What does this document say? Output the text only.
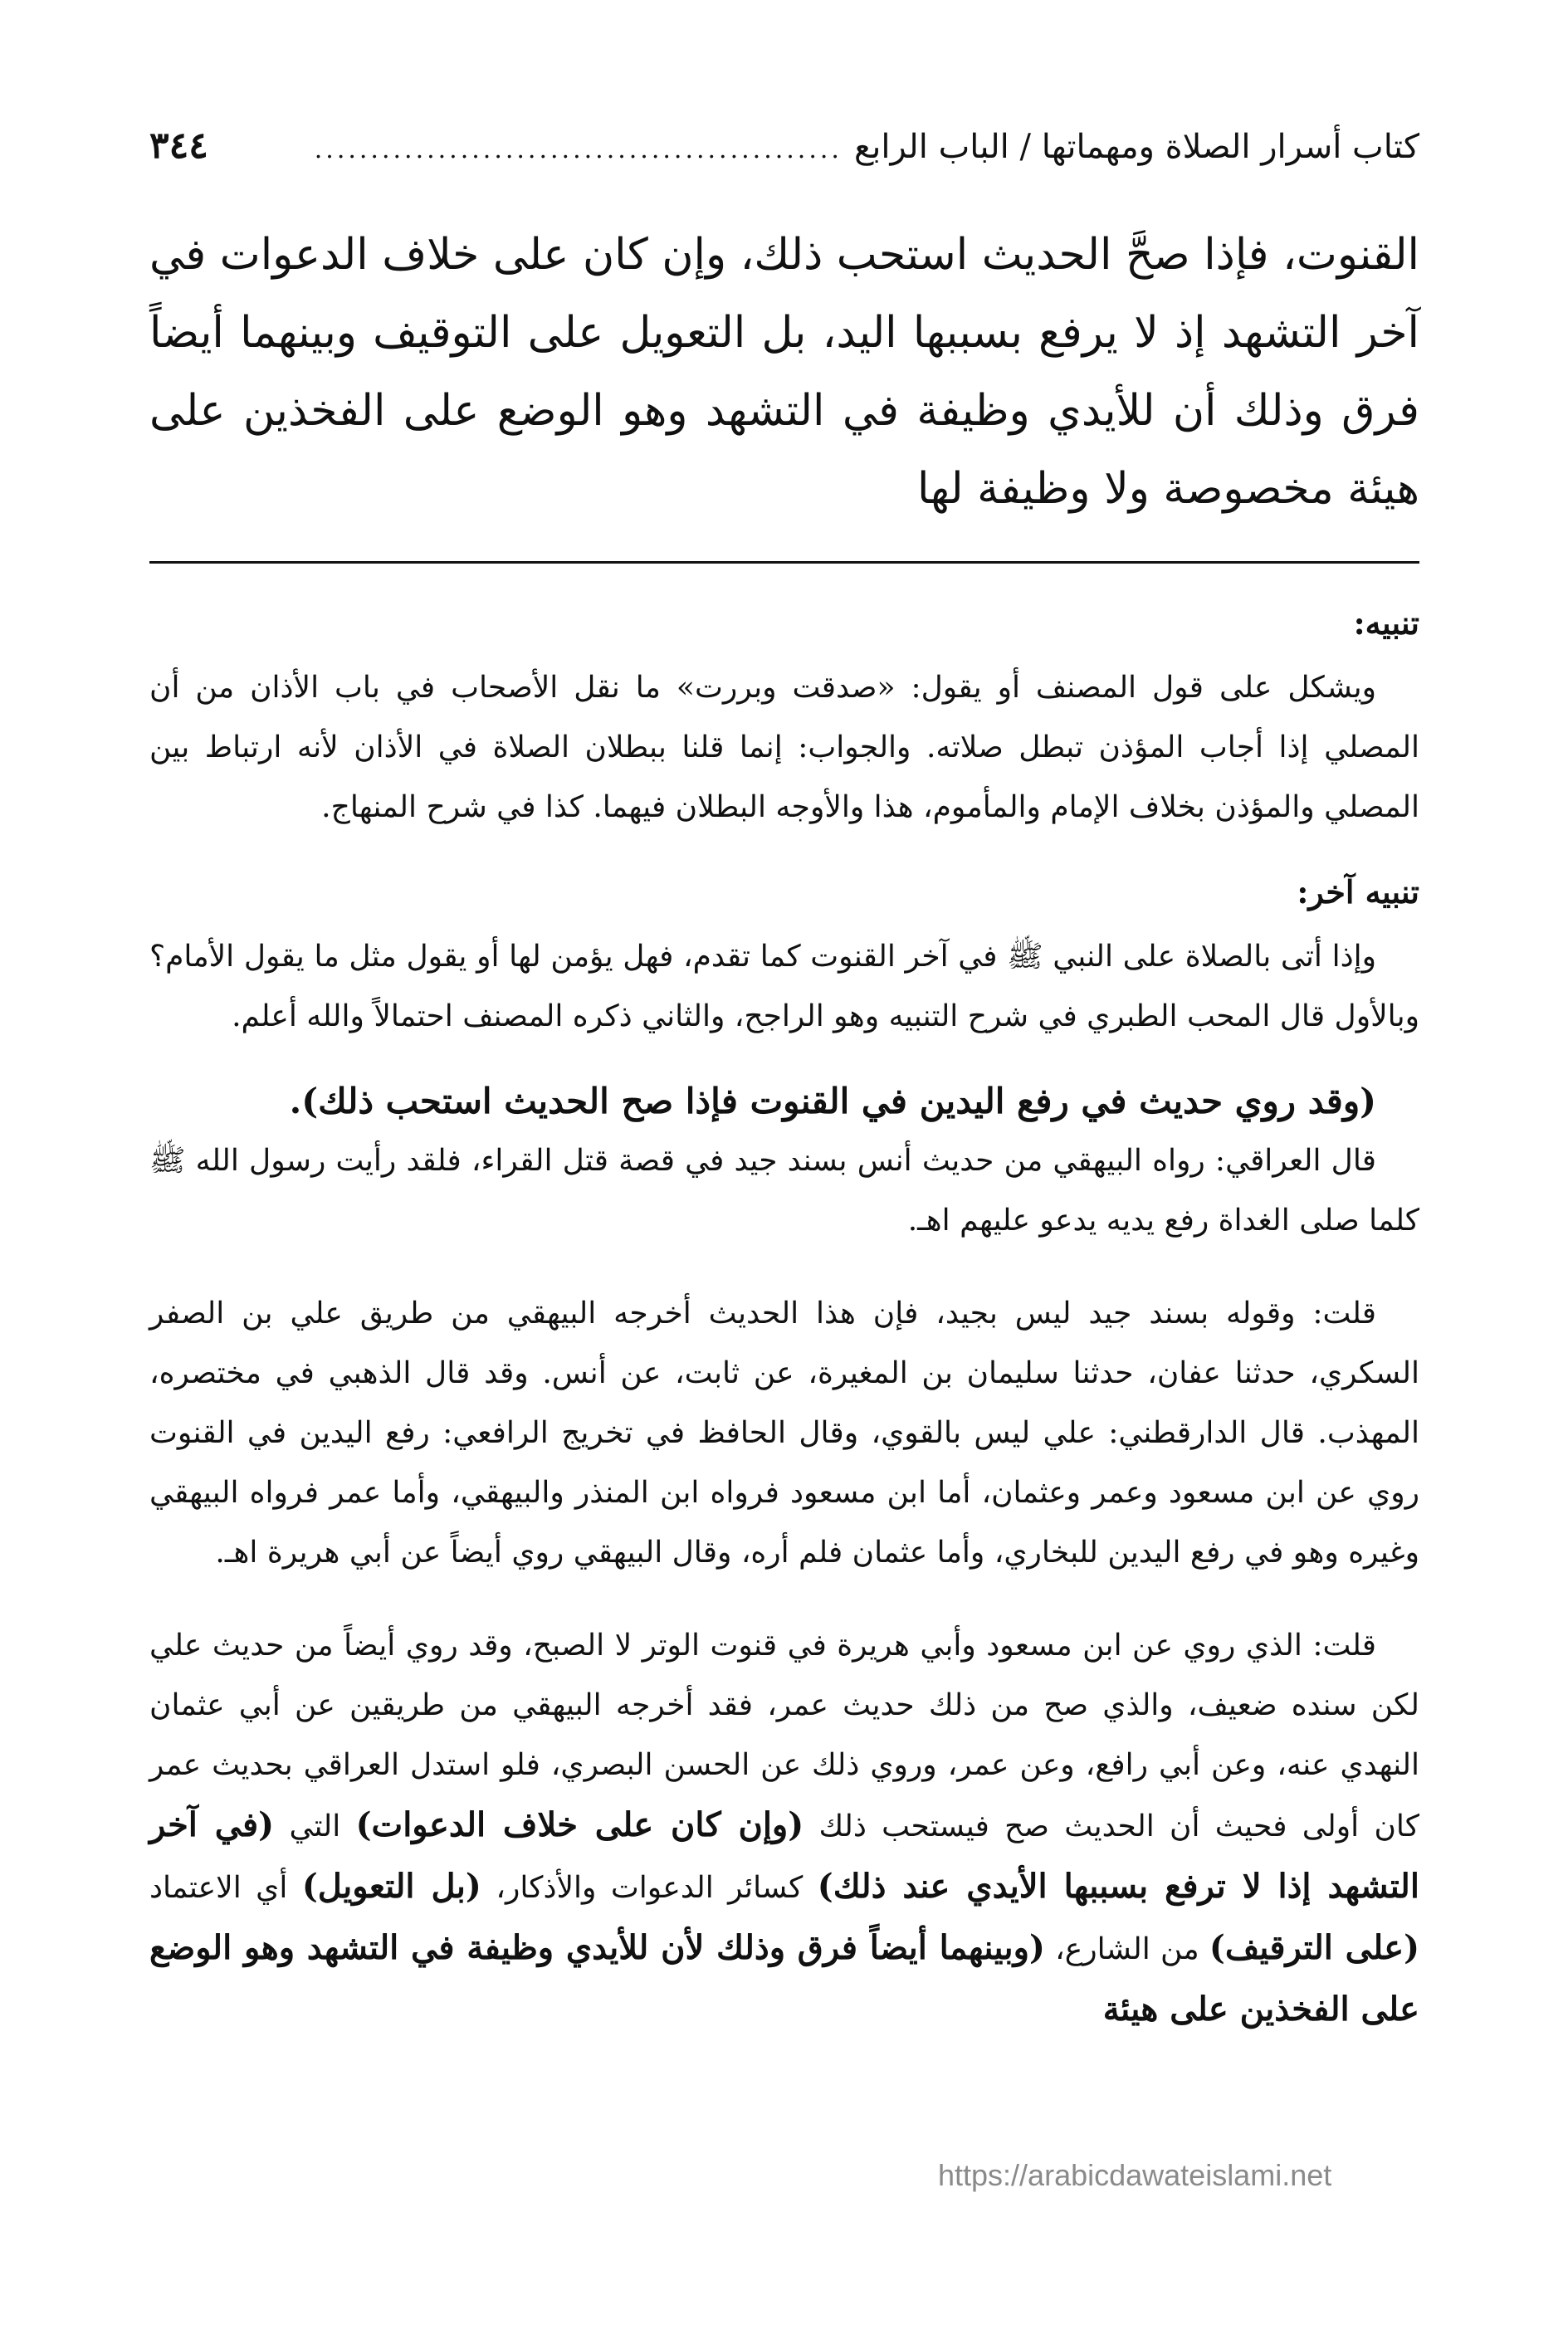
كتاب أسرار الصلاة ومهماتها / الباب الرابع
...............................................
٣٤٤

القنوت، فإذا صحَّ الحديث استحب ذلك، وإن كان على خلاف الدعوات في آخر التشهد إذ لا يرفع بسببها اليد، بل التعويل على التوقيف وبينهما أيضاً فرق وذلك أن للأيدي وظيفة في التشهد وهو الوضع على الفخذين على هيئة مخصوصة ولا وظيفة لها

تنبيه:

ويشكل على قول المصنف أو يقول: «صدقت وبررت» ما نقل الأصحاب في باب الأذان من أن المصلي إذا أجاب المؤذن تبطل صلاته. والجواب: إنما قلنا ببطلان الصلاة في الأذان لأنه ارتباط بين المصلي والمؤذن بخلاف الإمام والمأموم، هذا والأوجه البطلان فيهما. كذا في شرح المنهاج.

تنبيه آخر:

وإذا أتى بالصلاة على النبي ﷺ في آخر القنوت كما تقدم، فهل يؤمن لها أو يقول مثل ما يقول الأمام؟ وبالأول قال المحب الطبري في شرح التنبيه وهو الراجح، والثاني ذكره المصنف احتمالاً والله أعلم.

(وقد روي حديث في رفع اليدين في القنوت فإذا صح الحديث استحب ذلك).

قال العراقي: رواه البيهقي من حديث أنس بسند جيد في قصة قتل القراء، فلقد رأيت رسول الله ﷺ كلما صلى الغداة رفع يديه يدعو عليهم اهـ.

قلت: وقوله بسند جيد ليس بجيد، فإن هذا الحديث أخرجه البيهقي من طريق علي بن الصفر السكري، حدثنا عفان، حدثنا سليمان بن المغيرة، عن ثابت، عن أنس. وقد قال الذهبي في مختصره، المهذب. قال الدارقطني: علي ليس بالقوي، وقال الحافظ في تخريج الرافعي: رفع اليدين في القنوت روي عن ابن مسعود وعمر وعثمان، أما ابن مسعود فرواه ابن المنذر والبيهقي، وأما عمر فرواه البيهقي وغيره وهو في رفع اليدين للبخاري، وأما عثمان فلم أره، وقال البيهقي روي أيضاً عن أبي هريرة اهـ.

قلت: الذي روي عن ابن مسعود وأبي هريرة في قنوت الوتر لا الصبح، وقد روي أيضاً من حديث علي لكن سنده ضعيف، والذي صح من ذلك حديث عمر، فقد أخرجه البيهقي من طريقين عن أبي عثمان النهدي عنه، وعن أبي رافع، وعن عمر، وروي ذلك عن الحسن البصري، فلو استدل العراقي بحديث عمر كان أولى فحيث أن الحديث صح فيستحب ذلك (وإن كان على خلاف الدعوات) التي (في آخر التشهد إذا لا ترفع بسببها الأيدي عند ذلك) كسائر الدعوات والأذكار، (بل التعويل) أي الاعتماد (على الترقيف) من الشارع، (وبينهما أيضاً فرق وذلك لأن للأيدي وظيفة في التشهد وهو الوضع على الفخذين على هيئة

https://arabicdawateislami.net
